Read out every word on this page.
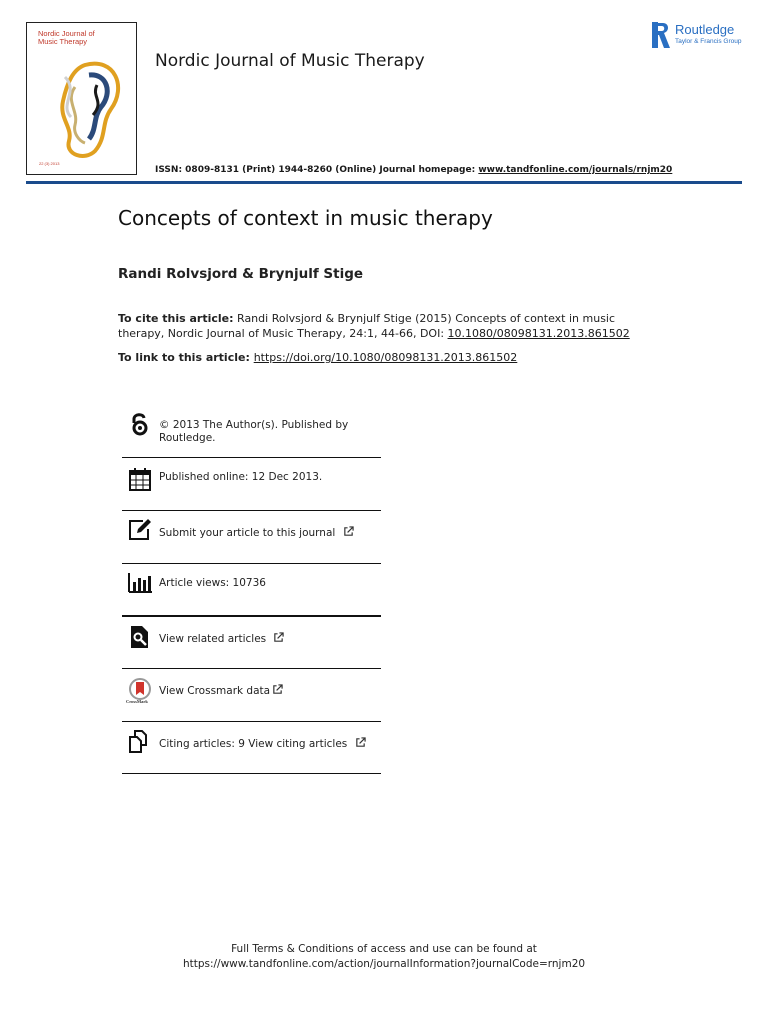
Nordic Journal of
Music Therapy
22 (3) 2013
Nordic Journal of Music Therapy
Routledge
Taylor & Francis Group
ISSN: 0809-8131 (Print) 1944-8260 (Online) Journal homepage: www.tandfonline.com/journals/rnjm20
Concepts of context in music therapy
Randi Rolvsjord & Brynjulf Stige
To cite this article: Randi Rolvsjord & Brynjulf Stige (2015) Concepts of context in music therapy, Nordic Journal of Music Therapy, 24:1, 44-66, DOI: 10.1080/08098131.2013.861502
To link to this article: https://doi.org/10.1080/08098131.2013.861502
© 2013 The Author(s). Published by
Routledge.
Published online: 12 Dec 2013.
Submit your article to this journal
Article views: 10736
View related articles
CrossMark
View Crossmark data
Citing articles: 9 View citing articles
Full Terms & Conditions of access and use can be found at
https://www.tandfonline.com/action/journalInformation?journalCode=rnjm20
